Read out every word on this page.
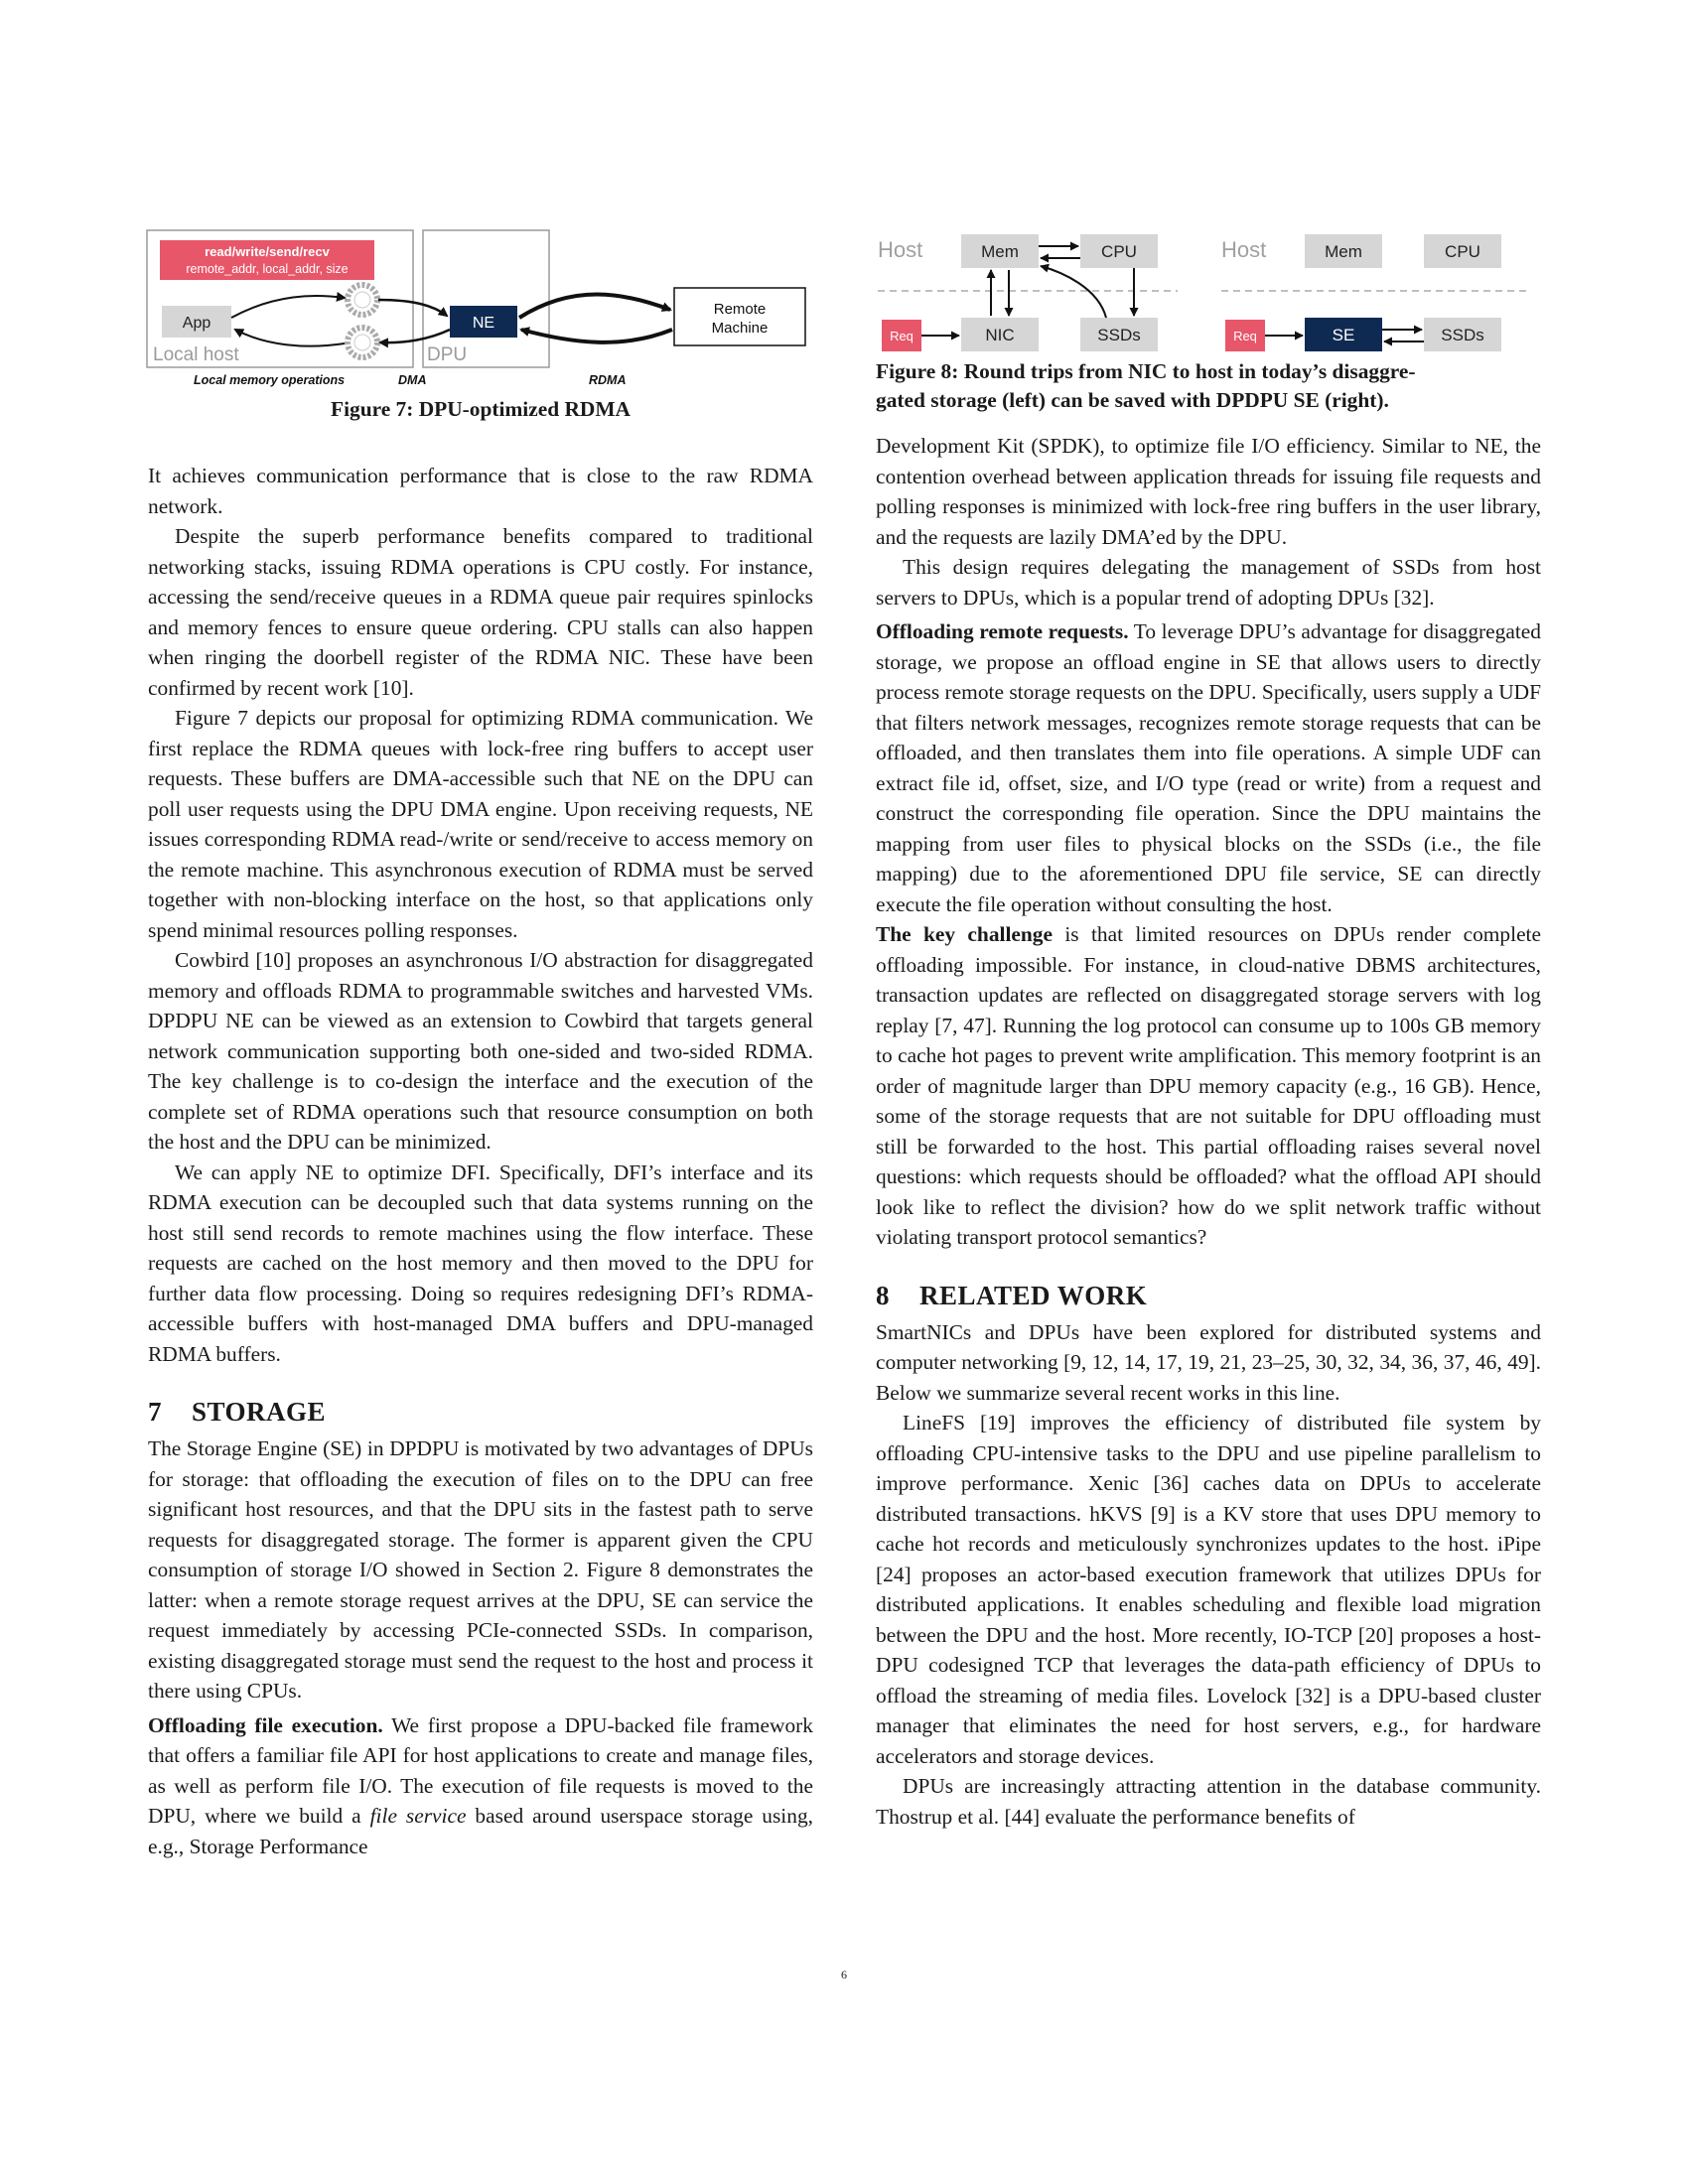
read/write/send/recv
remote_addr, local_addr, size
App	NE
Remote
Machine
Local host	DPU
Local memory operations	DMA	RDMA
Figure 7: DPU-optimized RDMA
Host	Mem	CPU
Req	NIC	SSDs
Host	Mem	CPU
Req	SE	SSDs
Figure 8: Round trips from NIC to host in today’s disaggre-
gated storage (left) can be saved with DPDPU SE (right).

It achieves communication performance that is close to the raw RDMA network.

Despite the superb performance benefits compared to traditional networking stacks, issuing RDMA operations is CPU costly. For instance, accessing the send/receive queues in a RDMA queue pair requires spinlocks and memory fences to ensure queue ordering. CPU stalls can also happen when ringing the doorbell register of the RDMA NIC. These have been confirmed by recent work [10].

Figure 7 depicts our proposal for optimizing RDMA communication. We first replace the RDMA queues with lock-free ring buffers to accept user requests. These buffers are DMA-accessible such that NE on the DPU can poll user requests using the DPU DMA engine. Upon receiving requests, NE issues corresponding RDMA read-/write or send/receive to access memory on the remote machine. This asynchronous execution of RDMA must be served together with non-blocking interface on the host, so that applications only spend minimal resources polling responses.

Cowbird [10] proposes an asynchronous I/O abstraction for disaggregated memory and offloads RDMA to programmable switches and harvested VMs. DPDPU NE can be viewed as an extension to Cowbird that targets general network communication supporting both one-sided and two-sided RDMA. The key challenge is to co-design the interface and the execution of the complete set of RDMA operations such that resource consumption on both the host and the DPU can be minimized.

We can apply NE to optimize DFI. Specifically, DFI’s interface and its RDMA execution can be decoupled such that data systems running on the host still send records to remote machines using the flow interface. These requests are cached on the host memory and then moved to the DPU for further data flow processing. Doing so requires redesigning DFI’s RDMA-accessible buffers with host-managed DMA buffers and DPU-managed RDMA buffers.

7 STORAGE

The Storage Engine (SE) in DPDPU is motivated by two advantages of DPUs for storage: that offloading the execution of files on to the DPU can free significant host resources, and that the DPU sits in the fastest path to serve requests for disaggregated storage. The former is apparent given the CPU consumption of storage I/O showed in Section 2. Figure 8 demonstrates the latter: when a remote storage request arrives at the DPU, SE can service the request immediately by accessing PCIe-connected SSDs. In comparison, existing disaggregated storage must send the request to the host and process it there using CPUs.

Offloading file execution. We first propose a DPU-backed file framework that offers a familiar file API for host applications to create and manage files, as well as perform file I/O. The execution of file requests is moved to the DPU, where we build a file service based around userspace storage using, e.g., Storage Performance

Development Kit (SPDK), to optimize file I/O efficiency. Similar to NE, the contention overhead between application threads for issuing file requests and polling responses is minimized with lock-free ring buffers in the user library, and the requests are lazily DMA’ed by the DPU.

This design requires delegating the management of SSDs from host servers to DPUs, which is a popular trend of adopting DPUs [32].

Offloading remote requests. To leverage DPU’s advantage for disaggregated storage, we propose an offload engine in SE that allows users to directly process remote storage requests on the DPU. Specifically, users supply a UDF that filters network messages, recognizes remote storage requests that can be offloaded, and then translates them into file operations. A simple UDF can extract file id, offset, size, and I/O type (read or write) from a request and construct the corresponding file operation. Since the DPU maintains the mapping from user files to physical blocks on the SSDs (i.e., the file mapping) due to the aforementioned DPU file service, SE can directly execute the file operation without consulting the host.

The key challenge is that limited resources on DPUs render complete offloading impossible. For instance, in cloud-native DBMS architectures, transaction updates are reflected on disaggregated storage servers with log replay [7, 47]. Running the log protocol can consume up to 100s GB memory to cache hot pages to prevent write amplification. This memory footprint is an order of magnitude larger than DPU memory capacity (e.g., 16 GB). Hence, some of the storage requests that are not suitable for DPU offloading must still be forwarded to the host. This partial offloading raises several novel questions: which requests should be offloaded? what the offload API should look like to reflect the division? how do we split network traffic without violating transport protocol semantics?

8 RELATED WORK

SmartNICs and DPUs have been explored for distributed systems and computer networking [9, 12, 14, 17, 19, 21, 23–25, 30, 32, 34, 36, 37, 46, 49]. Below we summarize several recent works in this line.

LineFS [19] improves the efficiency of distributed file system by offloading CPU-intensive tasks to the DPU and use pipeline parallelism to improve performance. Xenic [36] caches data on DPUs to accelerate distributed transactions. hKVS [9] is a KV store that uses DPU memory to cache hot records and meticulously synchronizes updates to the host. iPipe [24] proposes an actor-based execution framework that utilizes DPUs for distributed applications. It enables scheduling and flexible load migration between the DPU and the host. More recently, IO-TCP [20] proposes a host-DPU codesigned TCP that leverages the data-path efficiency of DPUs to offload the streaming of media files. Lovelock [32] is a DPU-based cluster manager that eliminates the need for host servers, e.g., for hardware accelerators and storage devices.

DPUs are increasingly attracting attention in the database community. Thostrup et al. [44] evaluate the performance benefits of

6
